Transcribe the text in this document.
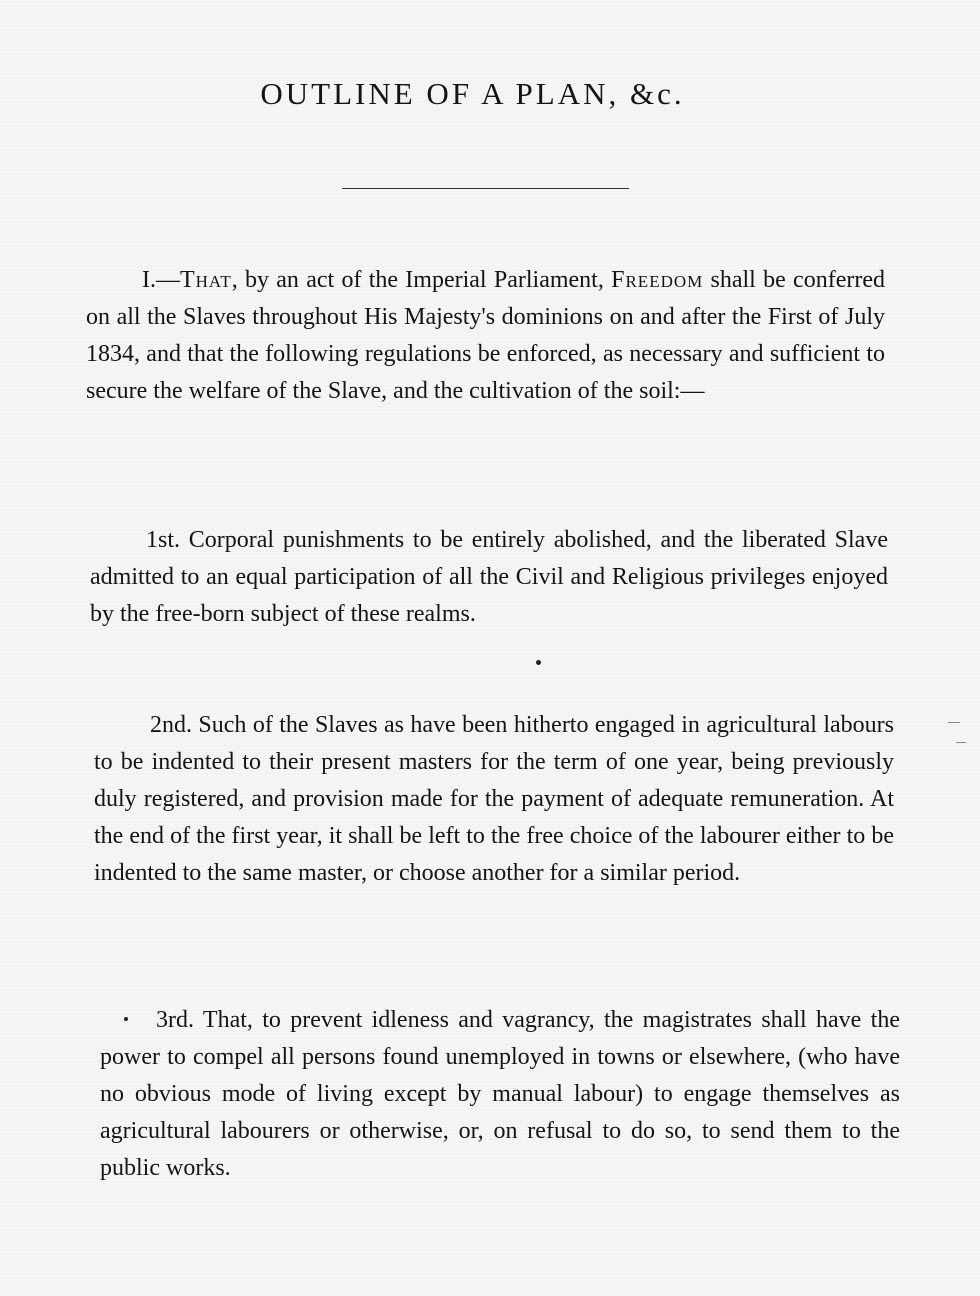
OUTLINE OF A PLAN, &c.

I.—That, by an act of the Imperial Parliament, Freedom shall be conferred on all the Slaves throughout His Majesty's dominions on and after the First of July 1834, and that the following regulations be enforced, as necessary and sufficient to secure the welfare of the Slave, and the cultivation of the soil:—

1st. Corporal punishments to be entirely abolished, and the liberated Slave admitted to an equal participation of all the Civil and Religious privileges enjoyed by the free-born subject of these realms.

2nd. Such of the Slaves as have been hitherto engaged in agricultural labours to be indented to their present masters for the term of one year, being previously duly registered, and provision made for the payment of adequate remuneration. At the end of the first year, it shall be left to the free choice of the labourer either to be indented to the same master, or choose another for a similar period.

3rd. That, to prevent idleness and vagrancy, the magistrates shall have the power to compel all persons found unemployed in towns or elsewhere, (who have no obvious mode of living except by manual labour) to engage themselves as agricultural labourers or otherwise, or, on refusal to do so, to send them to the public works.
